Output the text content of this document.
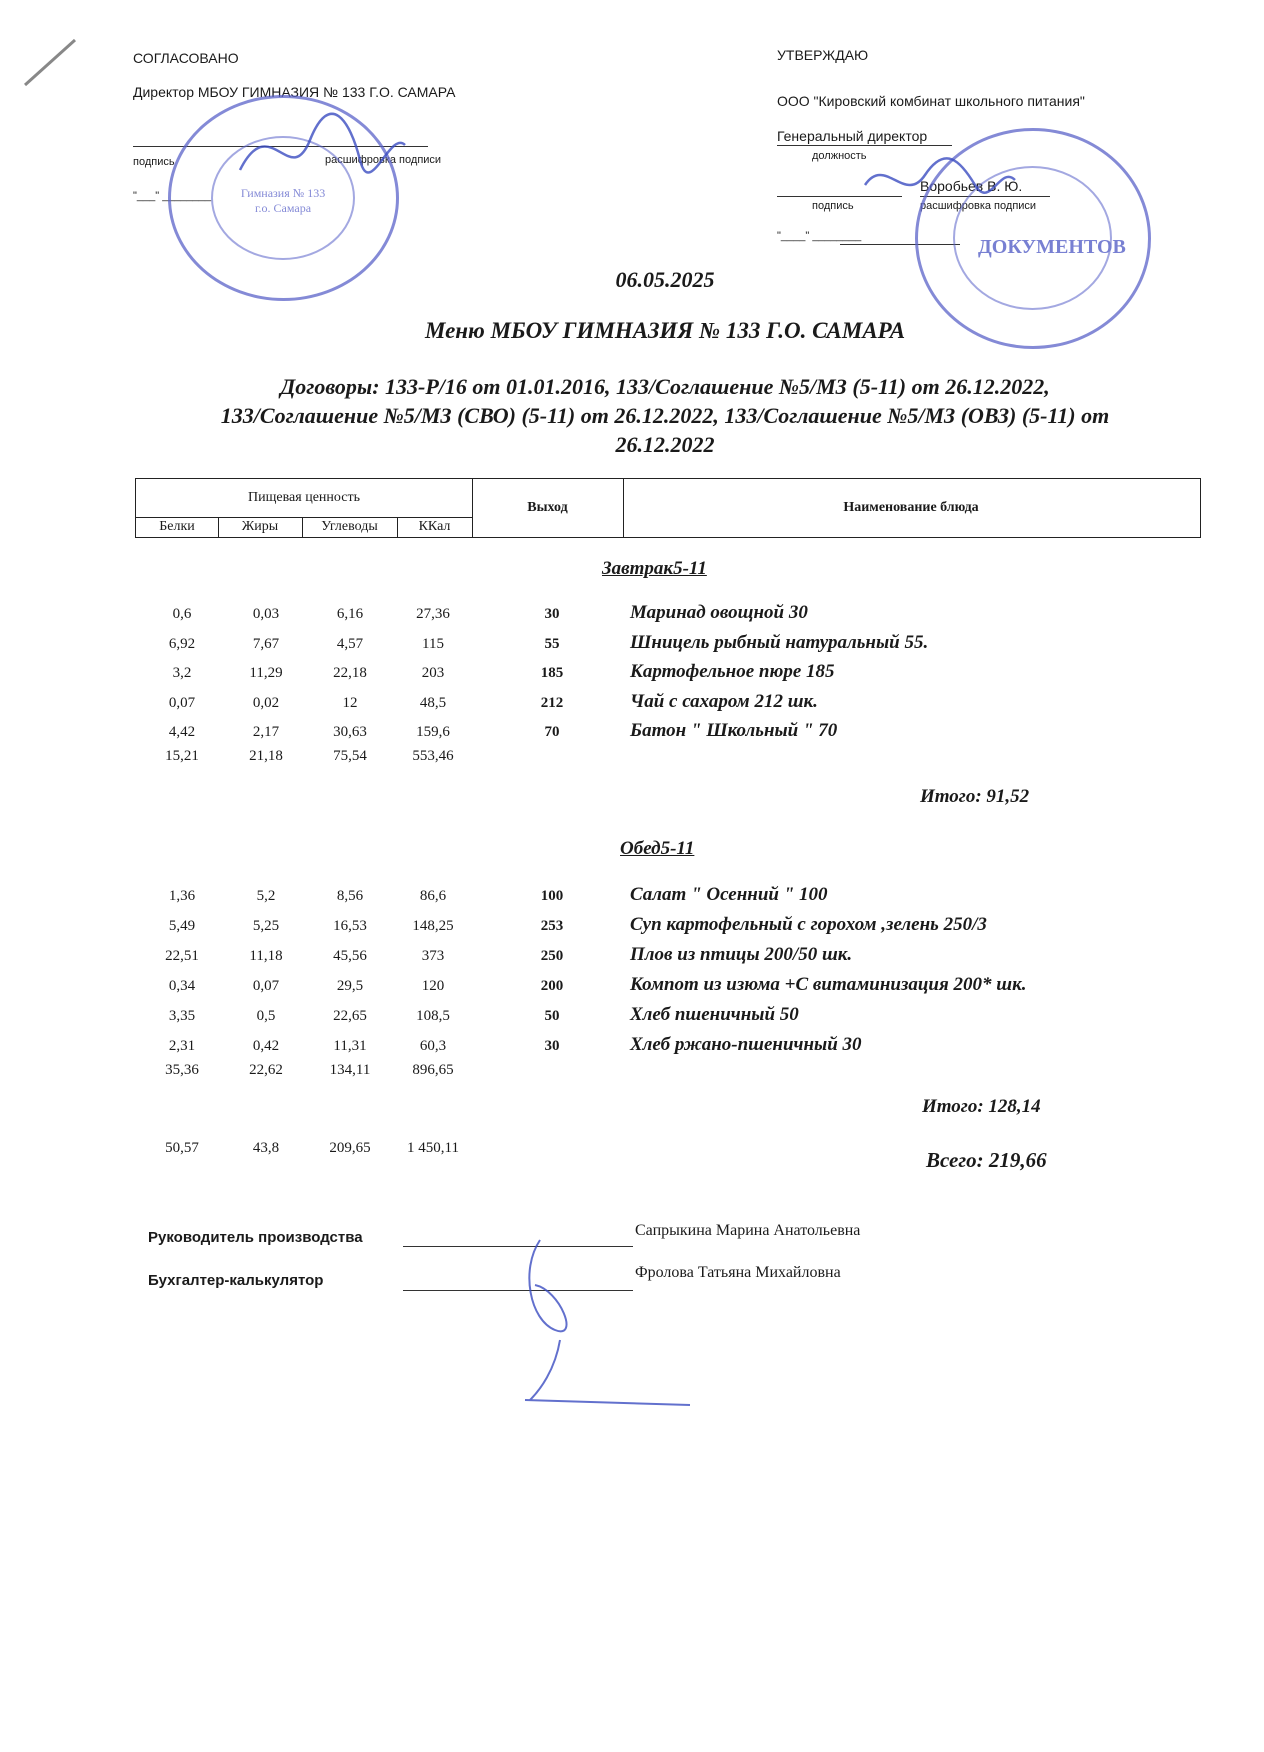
СОГЛАСОВАНО
Директор МБОУ ГИМНАЗИЯ № 133 Г.О. САМАРА
подпись	расшифровка подписи
"___" ________
УТВЕРЖДАЮ
ООО "Кировский комбинат школьного питания"
Генеральный директор
должность
Воробьев В. Ю.
подпись	расшифровка подписи
"____" ________
Гимназия № 133 г.о. Самара
ДОКУМЕНТОВ
06.05.2025
Меню МБОУ ГИМНАЗИЯ № 133 Г.О. САМАРА
Договоры: 133-Р/16 от 01.01.2016, 133/Соглашение №5/МЗ (5-11) от 26.12.2022,
133/Соглашение №5/МЗ (СВО) (5-11) от 26.12.2022, 133/Соглашение №5/МЗ (ОВЗ) (5-11) от
26.12.2022
Пищевая ценность
Белки	Жиры	Углеводы	ККал
Выход	Наименование блюда
Завтрак5-11
0,6	0,03	6,16	27,36	30	Маринад овощной 30
6,92	7,67	4,57	115	55	Шницель рыбный натуральный 55.
3,2	11,29	22,18	203	185	Картофельное пюре 185
0,07	0,02	12	48,5	212	Чай с сахаром 212 шк.
4,42	2,17	30,63	159,6	70	Батон " Школьный " 70
15,21	21,18	75,54	553,46
Итого: 91,52
Обед5-11
1,36	5,2	8,56	86,6	100	Салат " Осенний " 100
5,49	5,25	16,53	148,25	253	Суп картофельный с горохом ,зелень 250/3
22,51	11,18	45,56	373	250	Плов из птицы 200/50 шк.
0,34	0,07	29,5	120	200	Компот из изюма +С витаминизация 200* шк.
3,35	0,5	22,65	108,5	50	Хлеб пшеничный 50
2,31	0,42	11,31	60,3	30	Хлеб ржано-пшеничный 30
35,36	22,62	134,11	896,65
Итого: 128,14
50,57	43,8	209,65	1 450,11	Всего: 219,66
Руководитель производства	Сапрыкина Марина Анатольевна
Бухгалтер-калькулятор	Фролова Татьяна Михайловна
